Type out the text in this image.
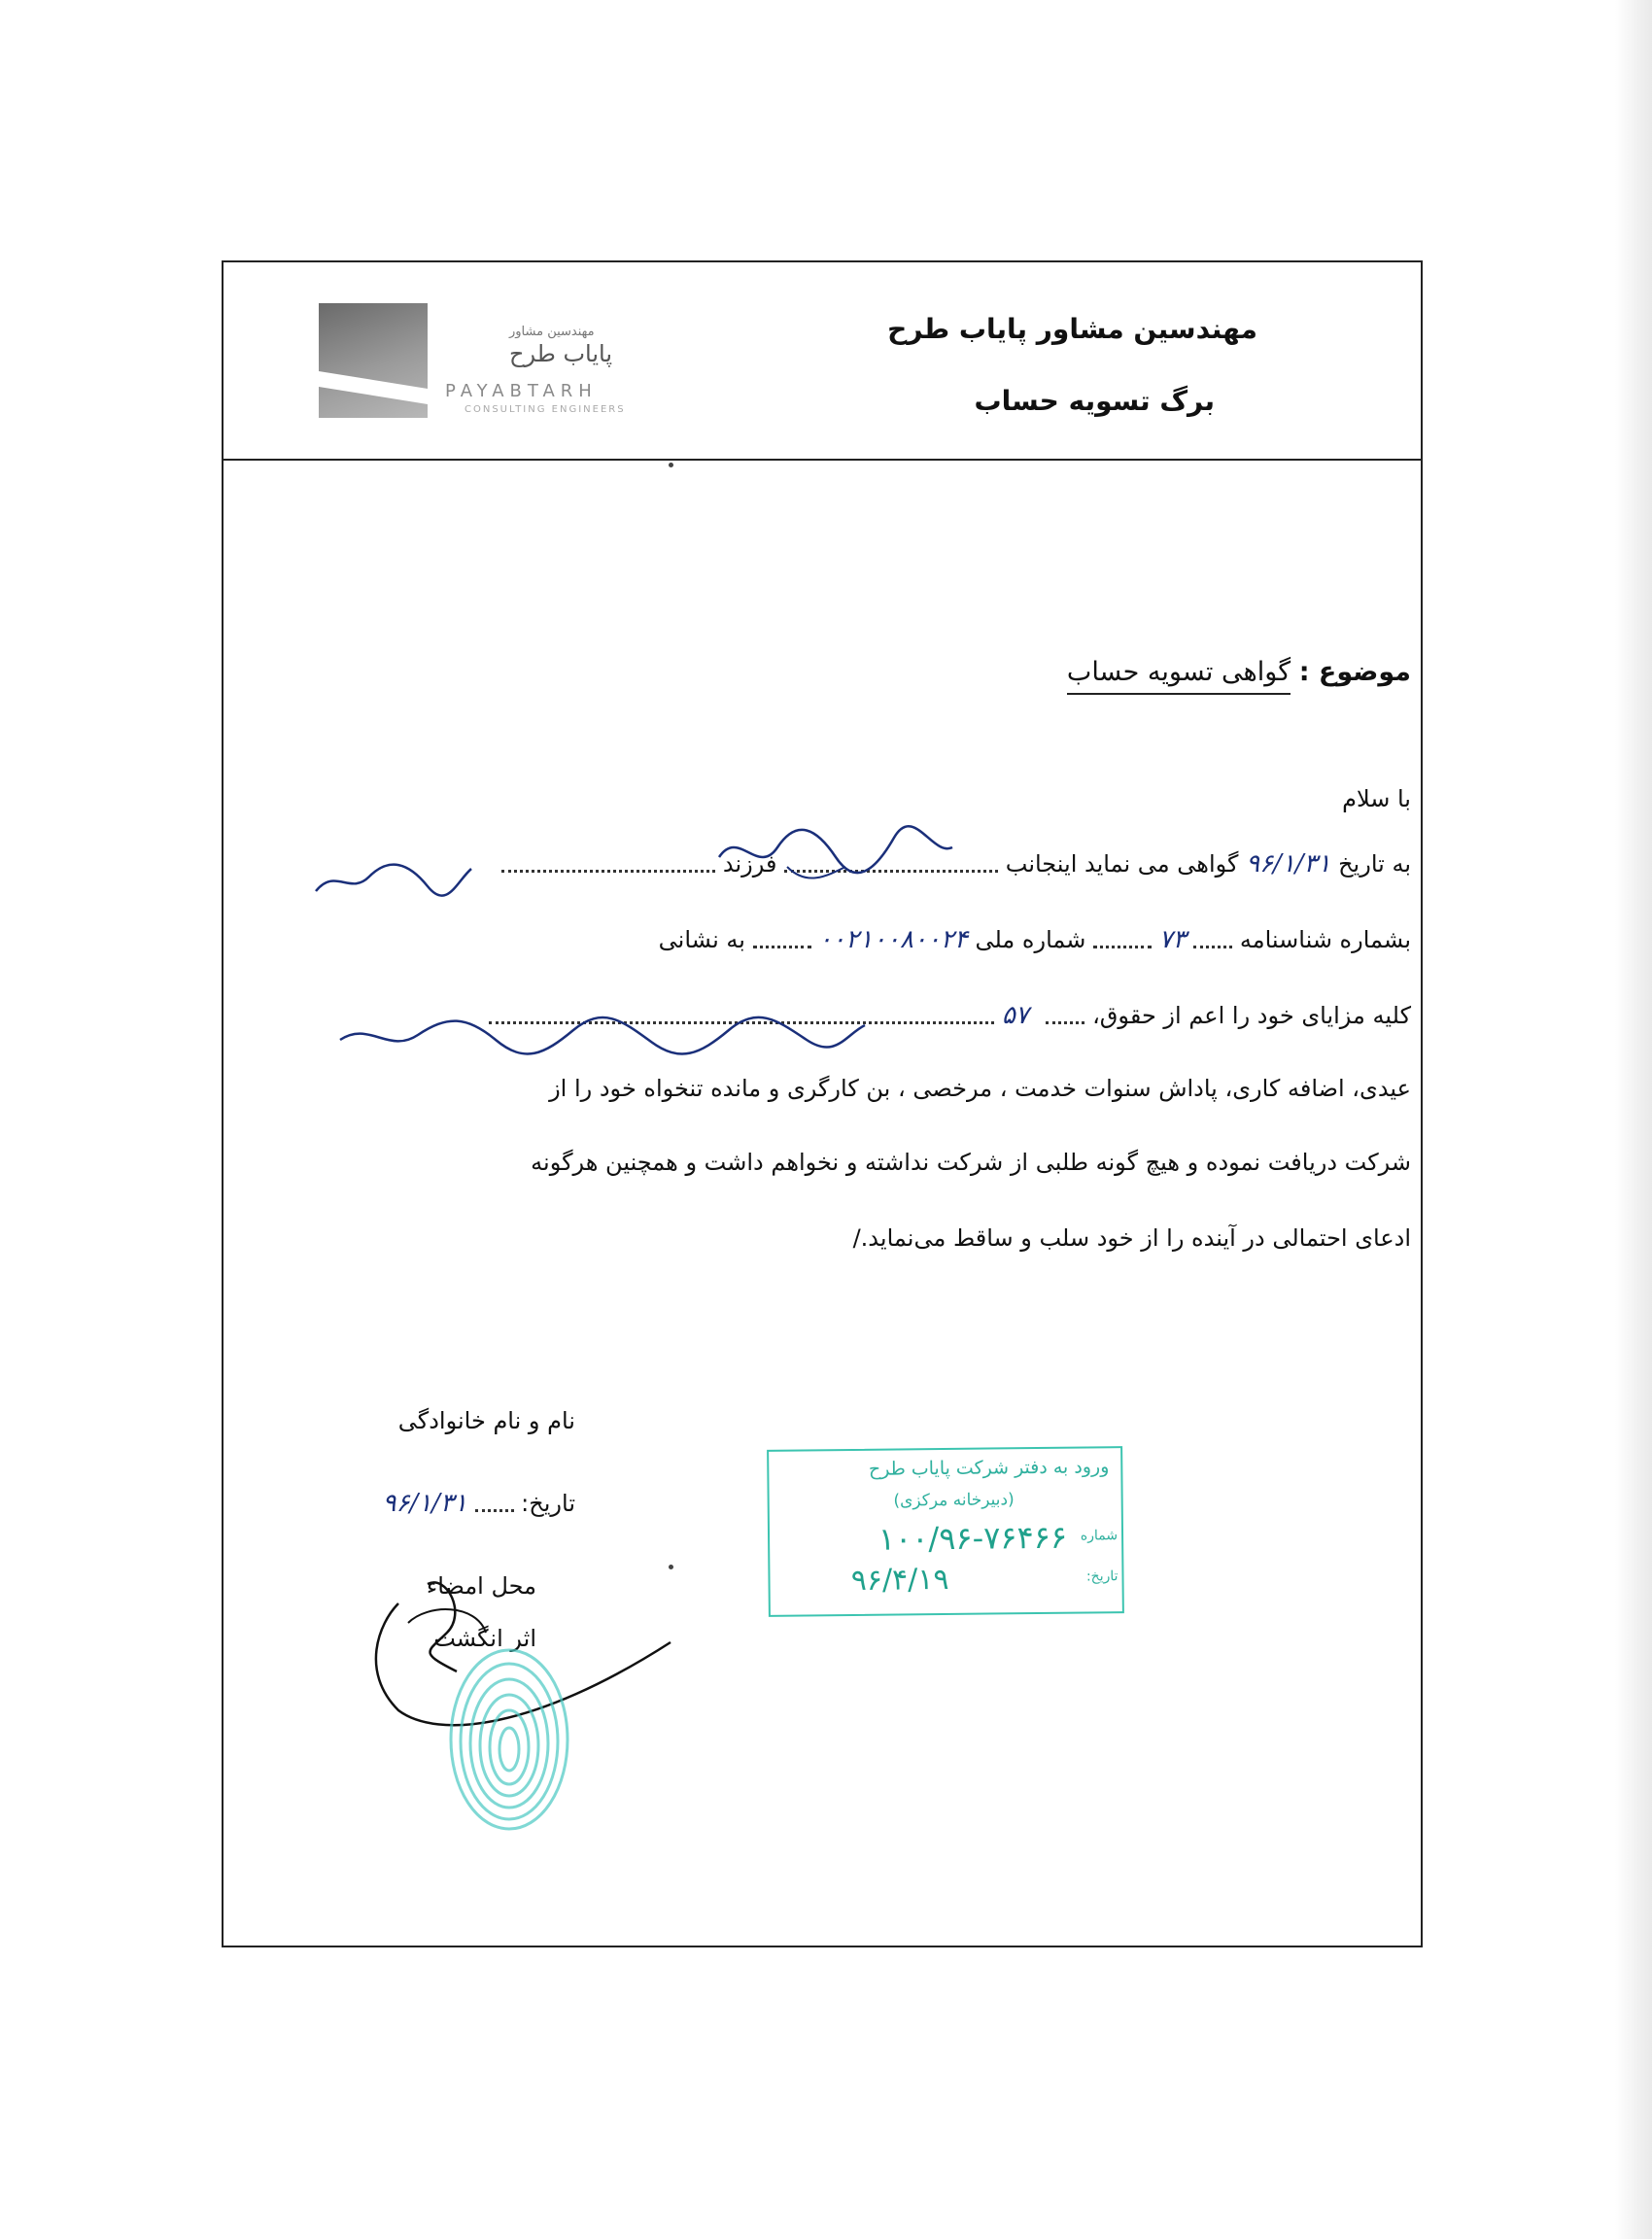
مهندسین مشاور پایاب طرح
برگ تسویه حساب
مهندسین مشاور
پایاب طرح
PAYABTARH
CONSULTING ENGINEERS
موضوع : گواهی تسویه حساب
با سلام
به تاریخ ۹۶/۱/۳۱ گواهی می نماید اینجانب  فرزند
بشماره شناسنامه  ۷۳  شماره ملی ۰۰۲۱۰۰۸۰۰۲۴  به نشانی
کلیه مزایای خود را اعم از حقوق،  ۵۷
عیدی، اضافه کاری، پاداش سنوات خدمت ، مرخصی ، بن کارگری و مانده تنخواه خود را از
شرکت دریافت نموده و هیچ گونه طلبی از شرکت نداشته و نخواهم داشت و همچنین هرگونه
ادعای احتمالی در آینده را از خود سلب و ساقط می‌نماید./
نام و نام خانوادگی
تاریخ:  ۹۶/۱/۳۱
محل امضاء
اثر انگشت
ورود به دفتر شرکت پایاب طرح
(دبیرخانه مرکزی)
شماره
۱۰۰/۹۶-۷۶۴۶۶
تاریخ:
۹۶/۴/۱۹
